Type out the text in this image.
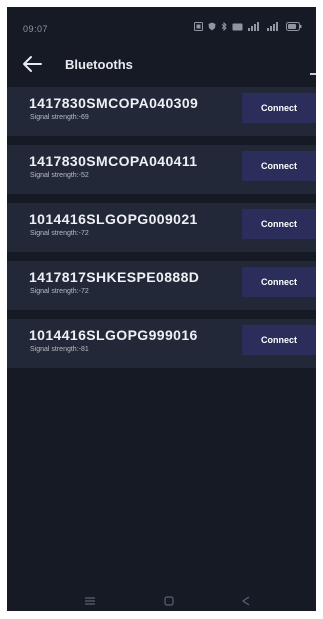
09:07
Bluetooths
1417830SMCOPA040309
Signal strength:-69
Connect
1417830SMCOPA040411
Signal strength:-52
Connect
1014416SLGOPG009021
Signal strength:-72
Connect
1417817SHKESPE0888D
Signal strength:-72
Connect
1014416SLGOPG999016
Signal strength:-81
Connect
